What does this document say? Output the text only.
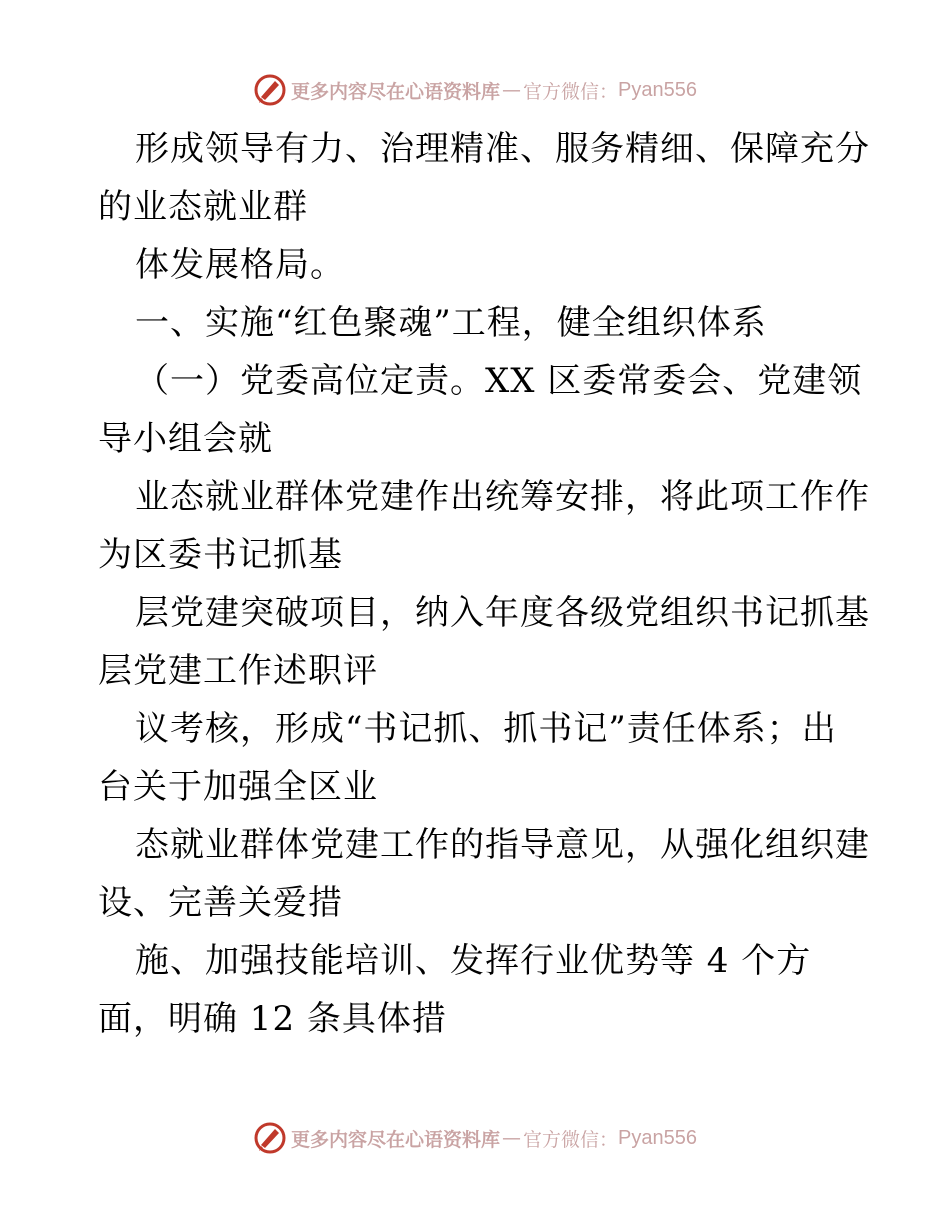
更多内容尽在心语资料库 — 官方微信： Pyan556
形成领导有力、治理精准、服务精细、保障充分
的业态就业群
体发展格局。
一、实施“红色聚魂”工程，健全组织体系
（一）党委高位定责。XX 区委常委会、党建领
导小组会就
业态就业群体党建作出统筹安排，将此项工作作
为区委书记抓基
层党建突破项目，纳入年度各级党组织书记抓基
层党建工作述职评
议考核，形成“书记抓、抓书记”责任体系；出
台关于加强全区业
态就业群体党建工作的指导意见，从强化组织建
设、完善关爱措
施、加强技能培训、发挥行业优势等 4 个方
面，明确 12 条具体措
更多内容尽在心语资料库 — 官方微信： Pyan556
